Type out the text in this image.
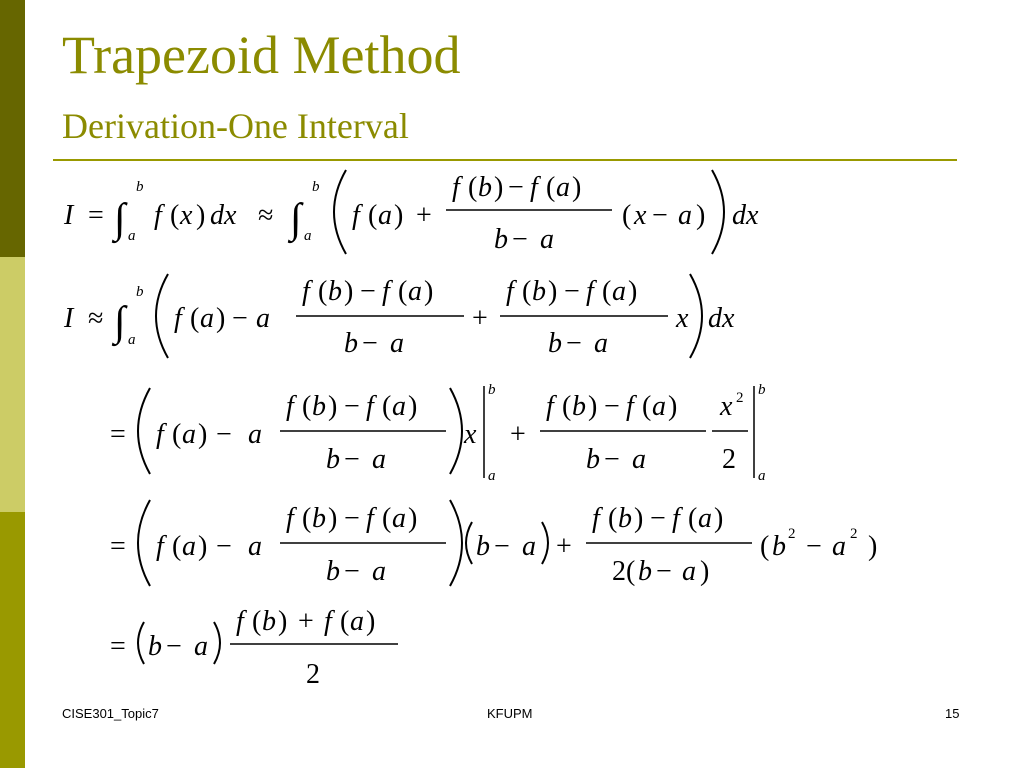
Trapezoid Method
Derivation-One Interval
I = ∫
b
a
f ( x ) dx ≈ ∫
b
a
f ( a ) +
f ( b ) − f ( a )
b − a
( x − a ) dx
I ≈ ∫
b
a
f ( a ) − a
f ( b ) − f ( a )
b − a
+
f ( b ) − f ( a )
b − a
x dx
= f ( a ) − a
f ( b ) − f ( a )
b − a
x
b
a
+
f ( b ) − f ( a )
b − a
x 2
2
b
a
= f ( a ) − a
f ( b ) − f ( a )
b − a
b − a +
f ( b ) − f ( a )
2( b − a )
( b 2 − a 2 )
= b − a
f ( b ) + f ( a )
2
CISE301_Topic7	KFUPM	15
